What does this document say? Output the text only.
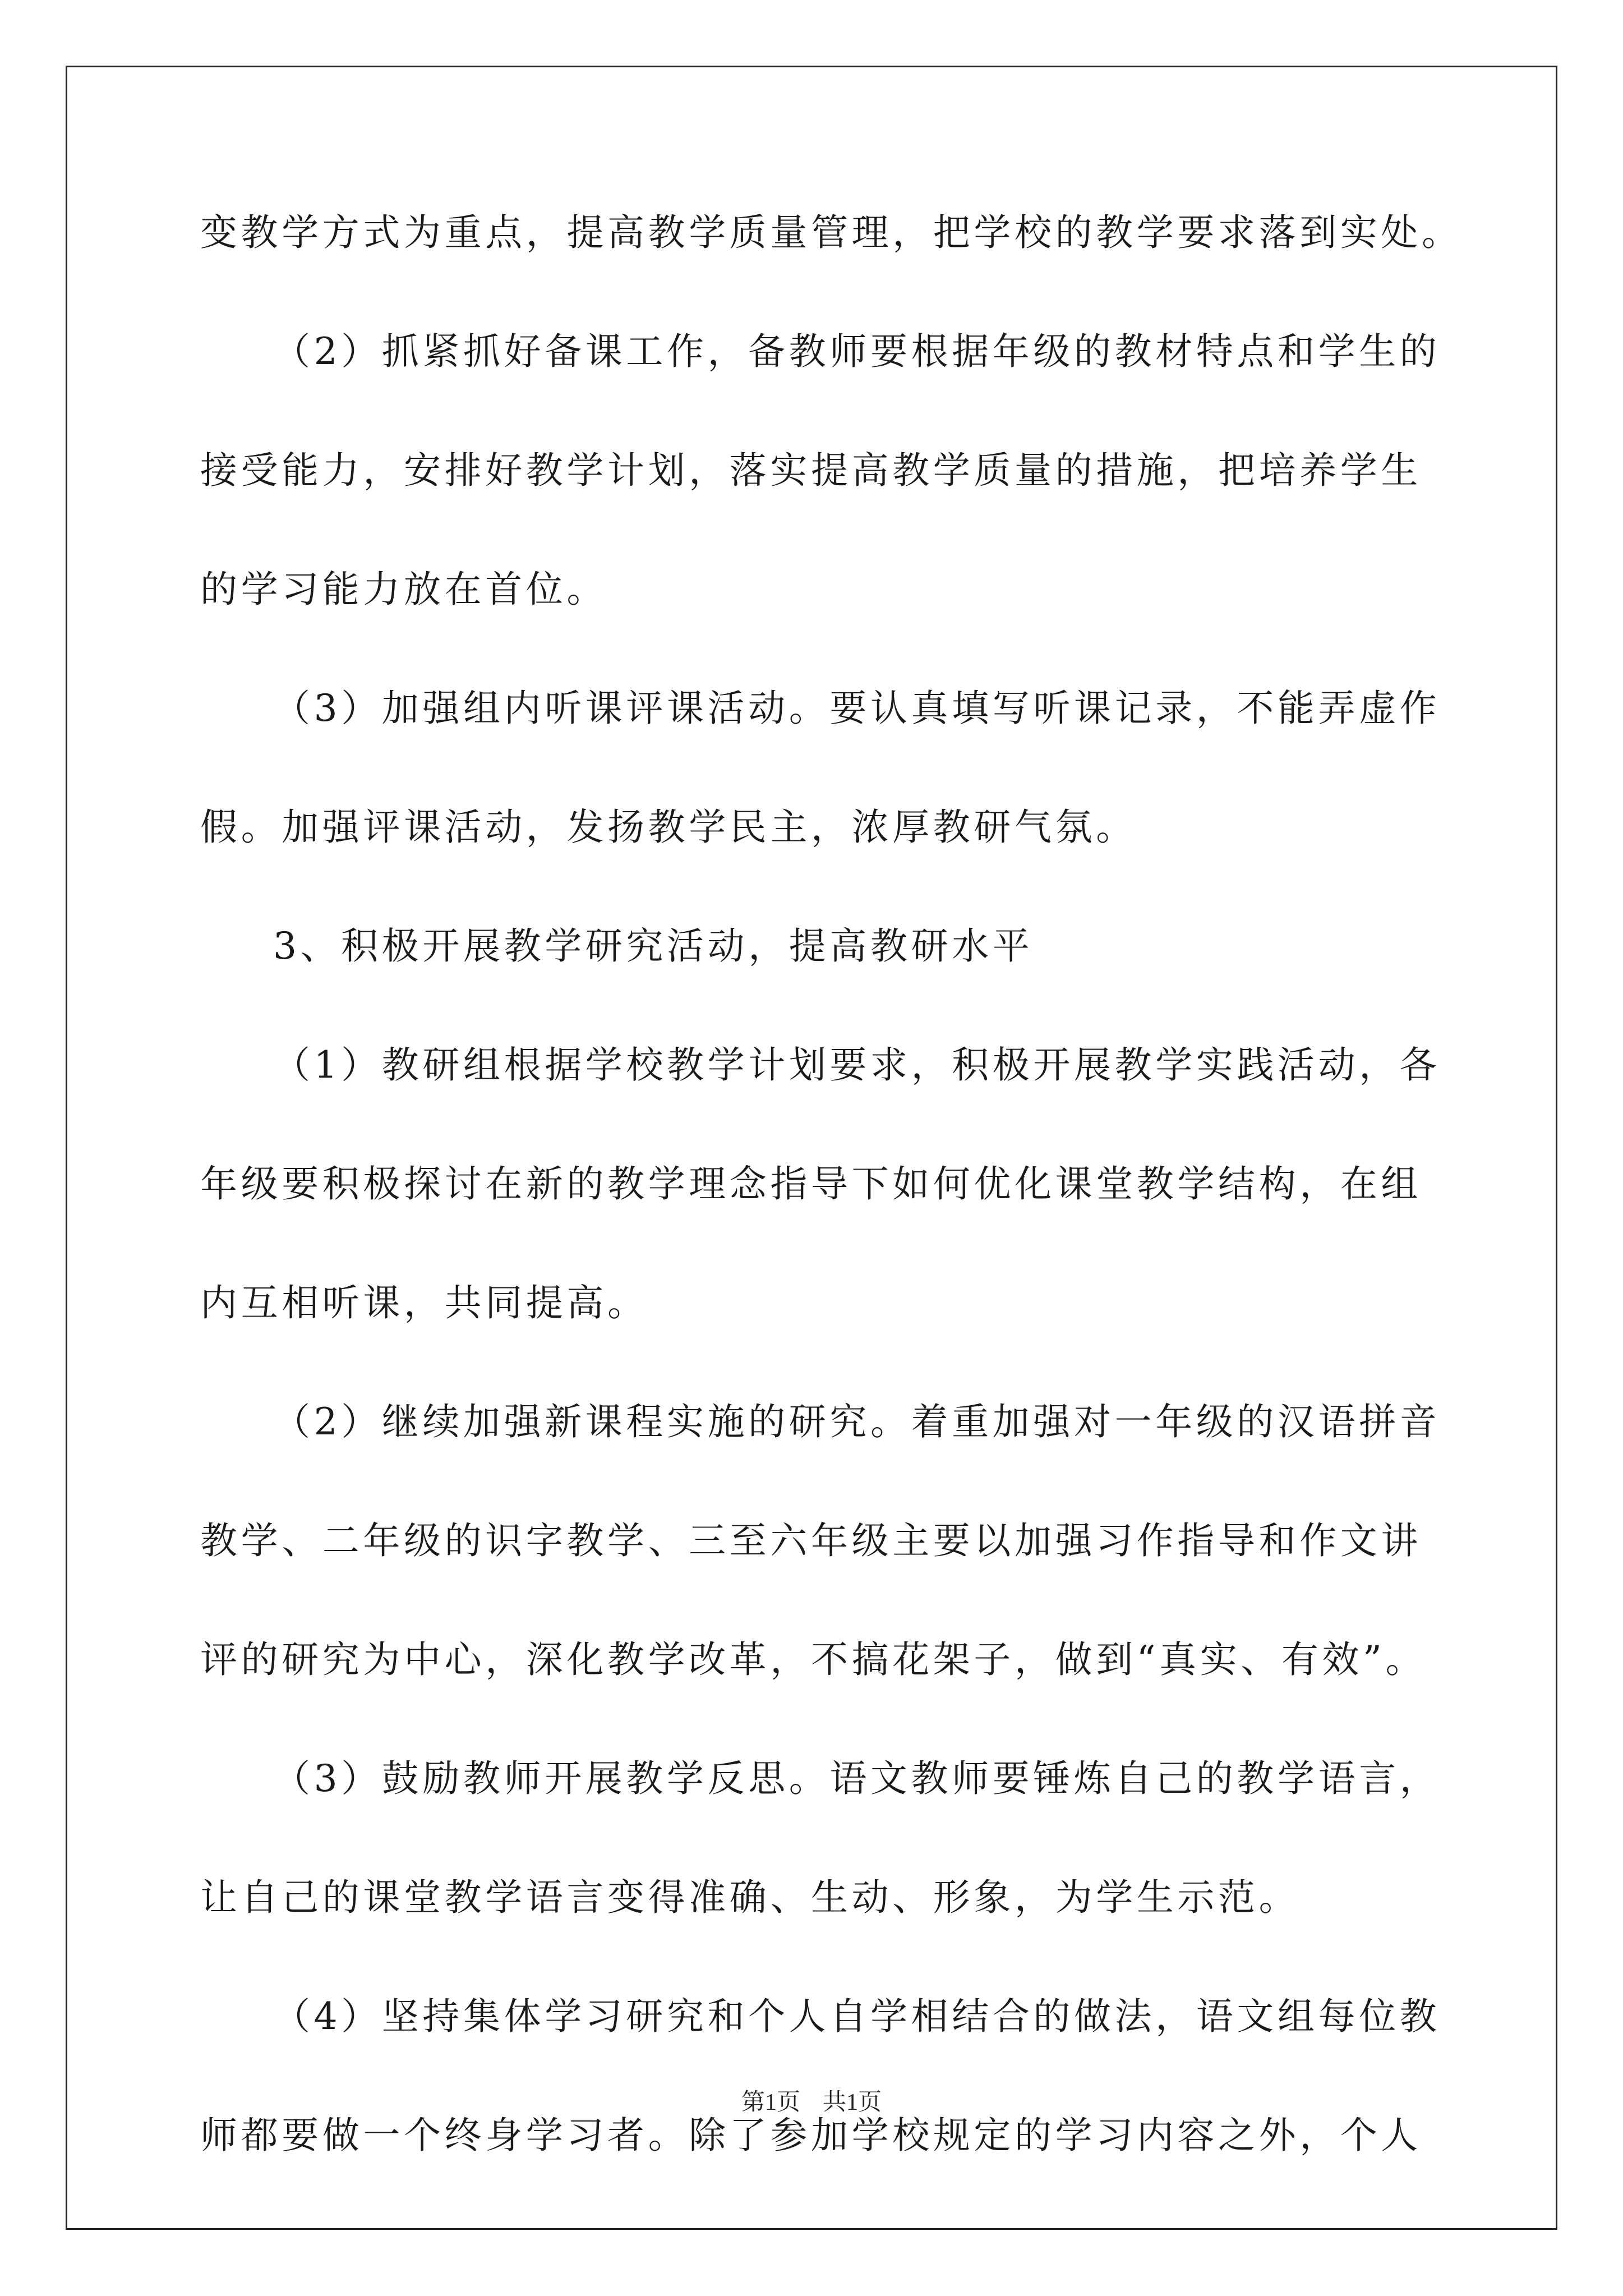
变教学方式为重点，提高教学质量管理，把学校的教学要求落到实处。
（2）抓紧抓好备课工作，备教师要根据年级的教材特点和学生的
接受能力，安排好教学计划，落实提高教学质量的措施，把培养学生
的学习能力放在首位。
（3）加强组内听课评课活动。要认真填写听课记录，不能弄虚作
假。加强评课活动，发扬教学民主，浓厚教研气氛。
3、积极开展教学研究活动，提高教研水平
（1）教研组根据学校教学计划要求，积极开展教学实践活动，各
年级要积极探讨在新的教学理念指导下如何优化课堂教学结构，在组
内互相听课，共同提高。
（2）继续加强新课程实施的研究。着重加强对一年级的汉语拼音
教学、二年级的识字教学、三至六年级主要以加强习作指导和作文讲
评的研究为中心，深化教学改革，不搞花架子，做到“真实、有效”。
（3）鼓励教师开展教学反思。语文教师要锤炼自己的教学语言，
让自己的课堂教学语言变得准确、生动、形象，为学生示范。
（4）坚持集体学习研究和个人自学相结合的做法，语文组每位教
师都要做一个终身学习者。除了参加学校规定的学习内容之外，个人
第1页 共1页
